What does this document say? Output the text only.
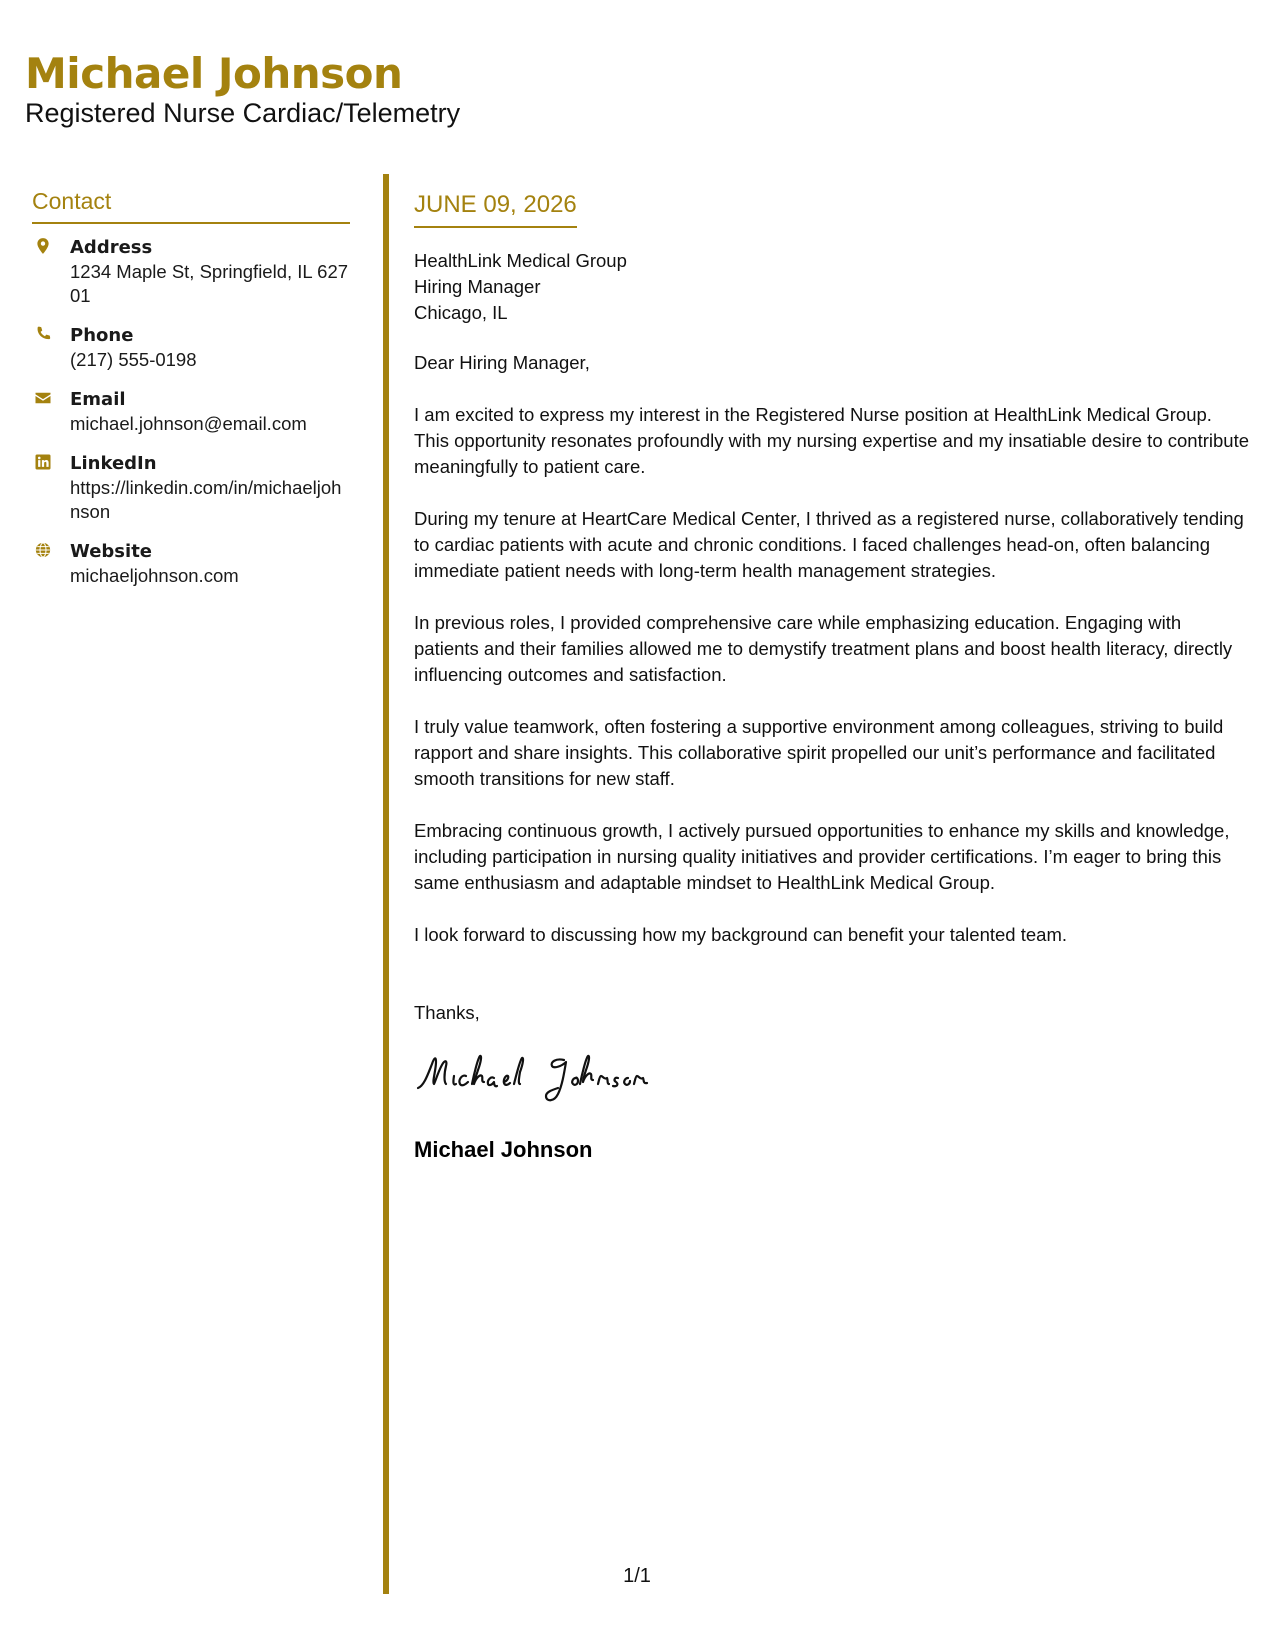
Michael Johnson
Registered Nurse Cardiac/Telemetry
Contact
Address
1234 Maple St, Springfield, IL 62701
Phone
(217) 555-0198
Email
michael.johnson@email.com
LinkedIn
https://linkedin.com/in/michaeljohnson
Website
michaeljohnson.com
JUNE 09, 2026
HealthLink Medical Group
Hiring Manager
Chicago, IL

Dear Hiring Manager,

I am excited to express my interest in the Registered Nurse position at HealthLink Medical Group. This opportunity resonates profoundly with my nursing expertise and my insatiable desire to contribute meaningfully to patient care.

During my tenure at HeartCare Medical Center, I thrived as a registered nurse, collaboratively tending to cardiac patients with acute and chronic conditions. I faced challenges head-on, often balancing immediate patient needs with long-term health management strategies.

In previous roles, I provided comprehensive care while emphasizing education. Engaging with patients and their families allowed me to demystify treatment plans and boost health literacy, directly influencing outcomes and satisfaction.

I truly value teamwork, often fostering a supportive environment among colleagues, striving to build rapport and share insights. This collaborative spirit propelled our unit’s performance and facilitated smooth transitions for new staff.

Embracing continuous growth, I actively pursued opportunities to enhance my skills and knowledge, including participation in nursing quality initiatives and provider certifications. I’m eager to bring this same enthusiasm and adaptable mindset to HealthLink Medical Group.

I look forward to discussing how my background can benefit your talented team.

Thanks,

Michael Johnson
1/1
